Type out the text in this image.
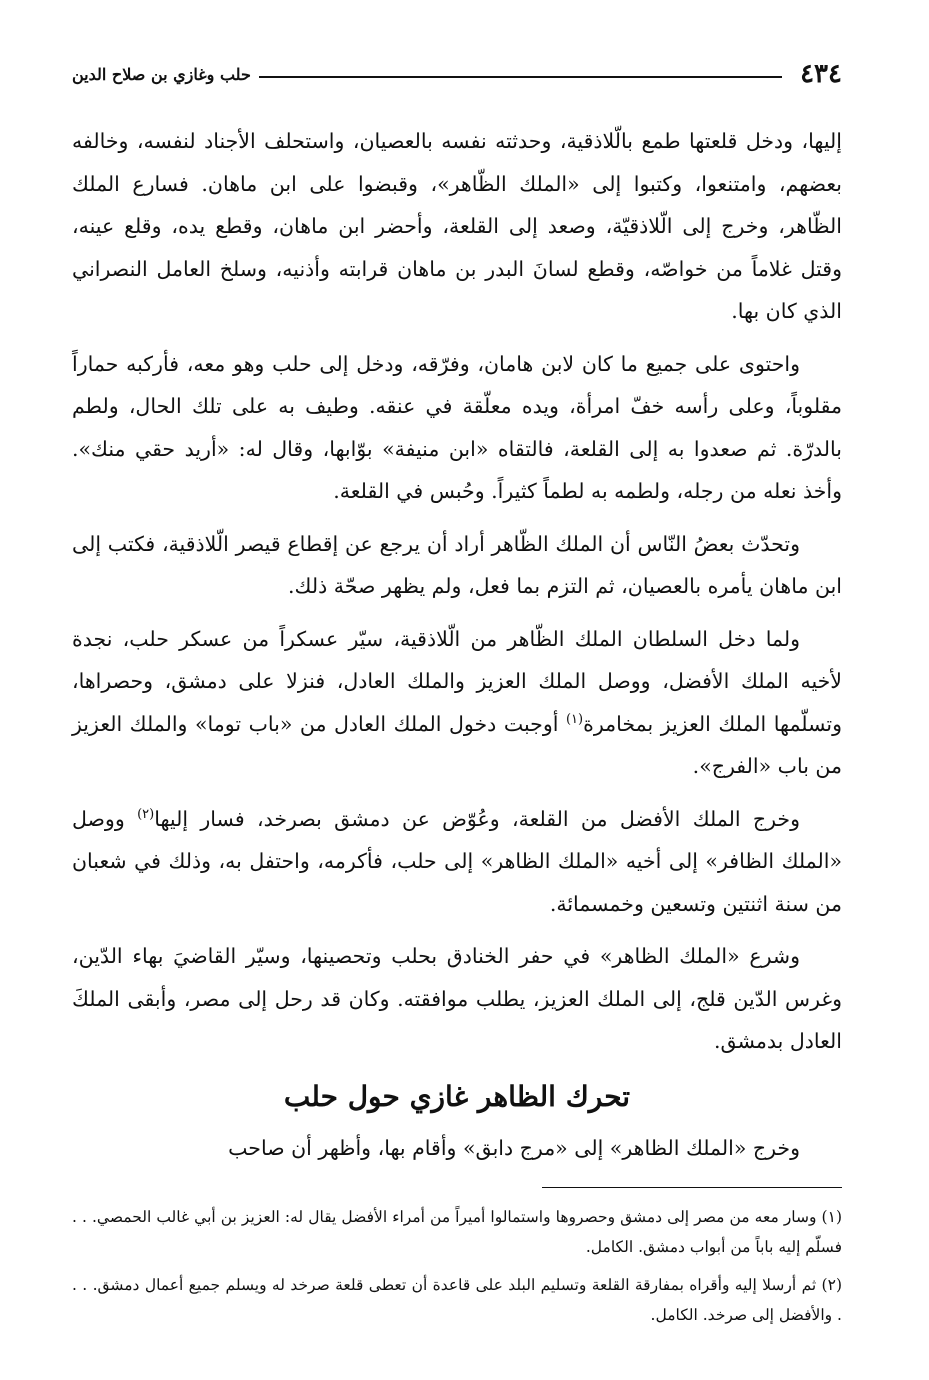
٤٣٤
حلب وغازي بن صلاح الدين

إليها، ودخل قلعتها طمع بالّلاذقية، وحدثته نفسه بالعصيان، واستحلف الأجناد لنفسه، وخالفه بعضهم، وامتنعوا، وكتبوا إلى «الملك الظّاهر»، وقبضوا على ابن ماهان. فسارع الملك الظّاهر، وخرج إلى الّلاذقيّة، وصعد إلى القلعة، وأحضر ابن ماهان، وقطع يده، وقلع عينه، وقتل غلاماً من خواصّه، وقطع لسانَ البدر بن ماهان قرابته وأذنيه، وسلخ العامل النصراني الذي كان بها.

واحتوى على جميع ما كان لابن هامان، وفرّقه، ودخل إلى حلب وهو معه، فأركبه حماراً مقلوباً، وعلى رأسه خفّ امرأة، ويده معلّقة في عنقه. وطيف به على تلك الحال، ولطم بالدرّة. ثم صعدوا به إلى القلعة، فالتقاه «ابن منيفة» بوّابها، وقال له: «أريد حقي منك». وأخذ نعله من رجله، ولطمه به لطماً كثيراً. وحُبس في القلعة.

وتحدّث بعضُ النّاس أن الملك الظّاهر أراد أن يرجع عن إقطاع قيصر الّلاذقية، فكتب إلى ابن ماهان يأمره بالعصيان، ثم التزم بما فعل، ولم يظهر صحّة ذلك.

ولما دخل السلطان الملك الظّاهر من الّلاذقية، سيّر عسكراً من عسكر حلب، نجدة لأخيه الملك الأفضل، ووصل الملك العزيز والملك العادل، فنزلا على دمشق، وحصراها، وتسلّمها الملك العزيز بمخامرة$^{(١)}$ أوجبت دخول الملك العادل من «باب توما» والملك العزيز من باب «الفرج».

وخرج الملك الأفضل من القلعة، وعُوّض عن دمشق بصرخد، فسار إليها$^{(٢)}$ ووصل «الملك الظافر» إلى أخيه «الملك الظاهر» إلى حلب، فأكرمه، واحتفل به، وذلك في شعبان من سنة اثنتين وتسعين وخمسمائة.

وشرع «الملك الظاهر» في حفر الخنادق بحلب وتحصينها، وسيّر القاضيَ بهاء الدّين، وغرس الدّين قلج، إلى الملك العزيز، يطلب موافقته. وكان قد رحل إلى مصر، وأبقى الملكَ العادل بدمشق.

تحرك الظاهر غازي حول حلب

وخرج «الملك الظاهر» إلى «مرج دابق» وأقام بها، وأظهر أن صاحب

(١) وسار معه من مصر إلى دمشق وحصروها واستمالوا أميراً من أمراء الأفضل يقال له: العزيز بن أبي غالب الحمصي. . . فسلّم إليه باباً من أبواب دمشق. الكامل.

(٢) ثم أرسلا إليه وأقراه بمفارقة القلعة وتسليم البلد على قاعدة أن تعطى قلعة صرخد له ويسلم جميع أعمال دمشق. . . . والأفضل إلى صرخد. الكامل.
